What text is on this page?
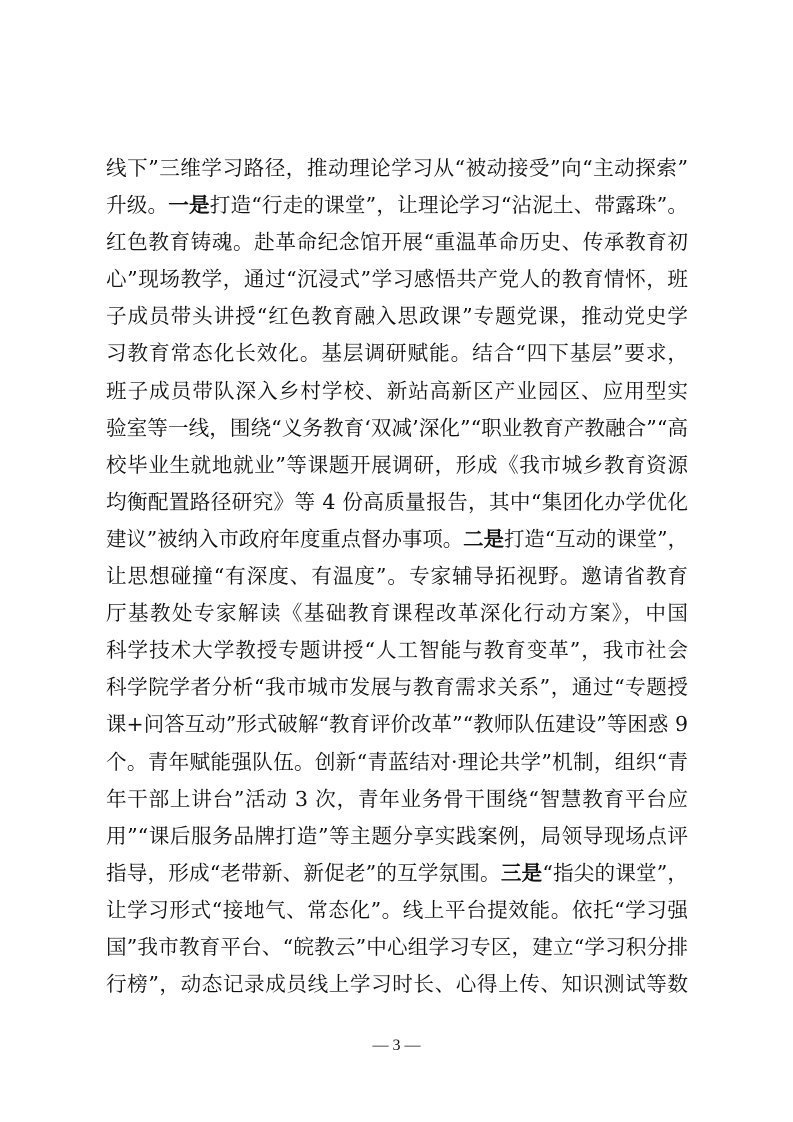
线下”三维学习路径，推动理论学习从“被动接受”向“主动探索”
升级。一是打造“行走的课堂”，让理论学习“沾泥土、带露珠”。
红色教育铸魂。赴革命纪念馆开展“重温革命历史、传承教育初
心”现场教学，通过“沉浸式”学习感悟共产党人的教育情怀，班
子成员带头讲授“红色教育融入思政课”专题党课，推动党史学
习教育常态化长效化。基层调研赋能。结合“四下基层”要求，
班子成员带队深入乡村学校、新站高新区产业园区、应用型实
验室等一线，围绕“义务教育‘双减’深化”“职业教育产教融合”“高
校毕业生就地就业”等课题开展调研，形成《我市城乡教育资源
均衡配置路径研究》等 4 份高质量报告，其中“集团化办学优化
建议”被纳入市政府年度重点督办事项。二是打造“互动的课堂”，
让思想碰撞“有深度、有温度”。专家辅导拓视野。邀请省教育
厅基教处专家解读《基础教育课程改革深化行动方案》，中国
科学技术大学教授专题讲授“人工智能与教育变革”，我市社会
科学院学者分析“我市城市发展与教育需求关系”，通过“专题授
课+问答互动”形式破解“教育评价改革”“教师队伍建设”等困惑 9
个。青年赋能强队伍。创新“青蓝结对·理论共学”机制，组织“青
年干部上讲台”活动 3 次，青年业务骨干围绕“智慧教育平台应
用”“课后服务品牌打造”等主题分享实践案例，局领导现场点评
指导，形成“老带新、新促老”的互学氛围。三是“指尖的课堂”，
让学习形式“接地气、常态化”。线上平台提效能。依托“学习强
国”我市教育平台、“皖教云”中心组学习专区，建立“学习积分排
行榜”，动态记录成员线上学习时长、心得上传、知识测试等数
— 3 —
